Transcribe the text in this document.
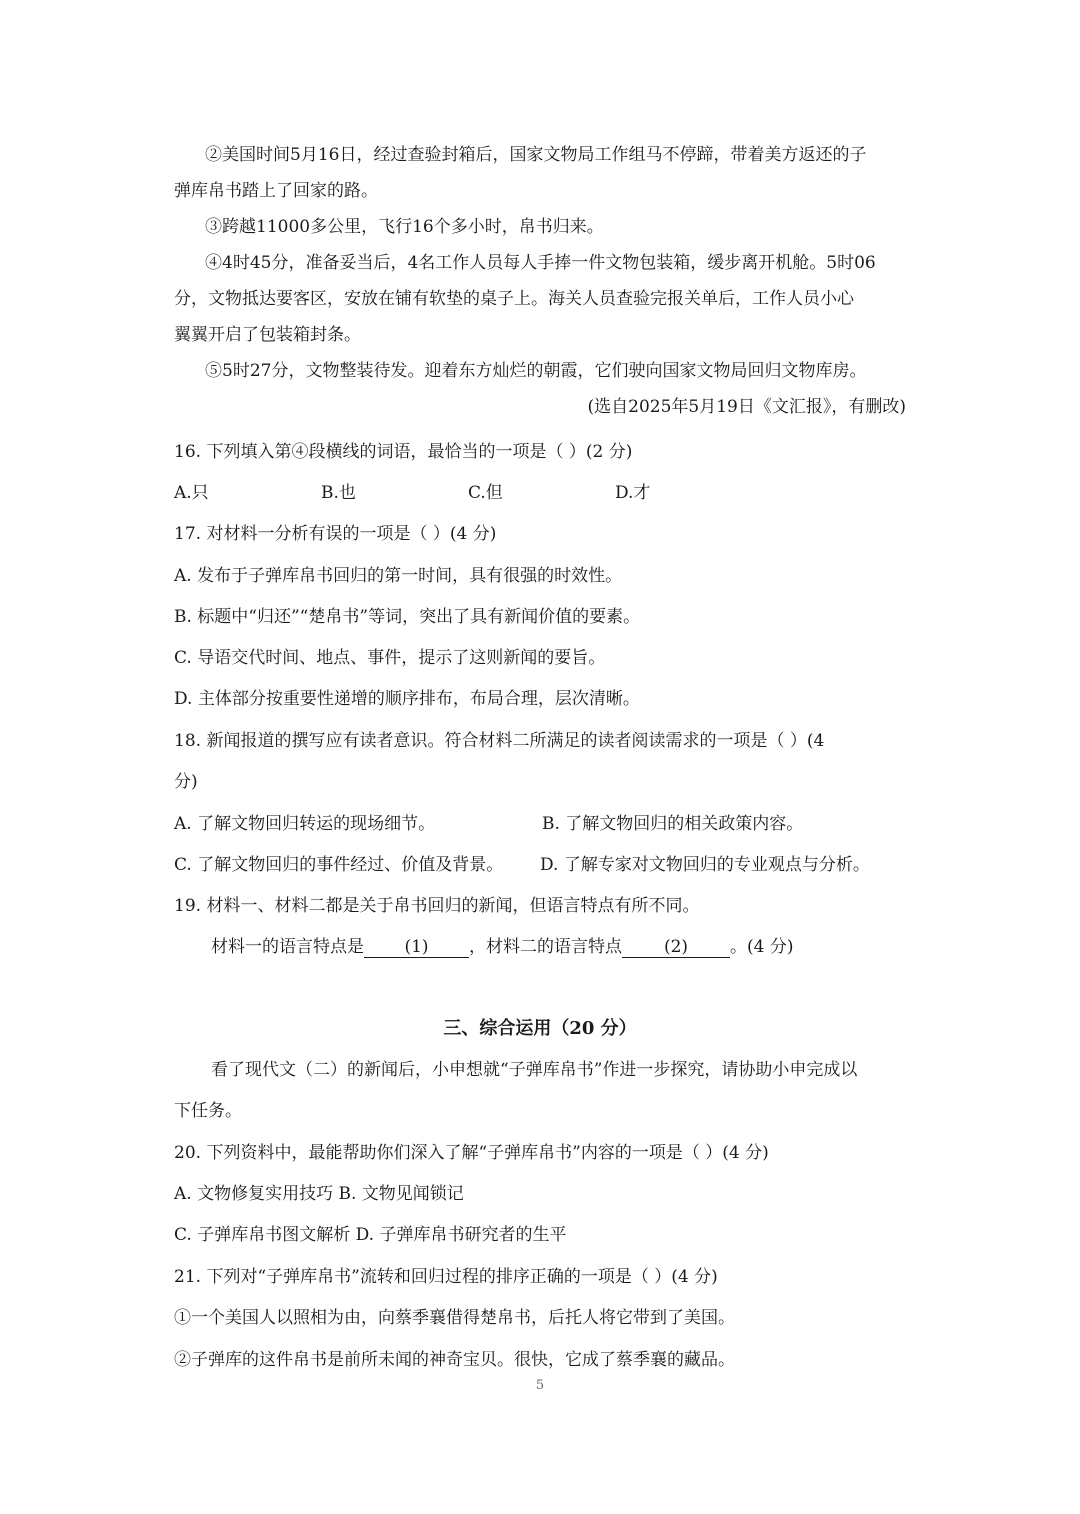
②美国时间5月16日，经过查验封箱后，国家文物局工作组马不停蹄，带着美方返还的子
弹库帛书踏上了回家的路。
③跨越11000多公里，飞行16个多小时，帛书归来。
④4时45分，准备妥当后，4名工作人员每人手捧一件文物包装箱，缓步离开机舱。5时06
分，文物抵达要客区，安放在铺有软垫的桌子上。海关人员查验完报关单后，工作人员小心
翼翼开启了包装箱封条。
⑤5时27分，文物整装待发。迎着东方灿烂的朝霞，它们驶向国家文物局回归文物库房。
(选自2025年5月19日《文汇报》，有删改)
16. 下列填入第④段横线的词语，最恰当的一项是（ ）(2 分)
A.只	B.也	C.但	D.才
17. 对材料一分析有误的一项是（ ）(4 分)
A. 发布于子弹库帛书回归的第一时间，具有很强的时效性。
B. 标题中“归还”“楚帛书”等词，突出了具有新闻价值的要素。
C. 导语交代时间、地点、事件，提示了这则新闻的要旨。
D. 主体部分按重要性递增的顺序排布，布局合理，层次清晰。
18. 新闻报道的撰写应有读者意识。符合材料二所满足的读者阅读需求的一项是（ ）(4
分)
A. 了解文物回归转运的现场细节。	B. 了解文物回归的相关政策内容。
C. 了解文物回归的事件经过、价值及背景。 D. 了解专家对文物回归的专业观点与分析。
19. 材料一、材料二都是关于帛书回归的新闻，但语言特点有所不同。
材料一的语言特点是 (1) ，材料二的语言特点 (2) 。(4 分)
三、综合运用（20 分）
看了现代文（二）的新闻后，小申想就“子弹库帛书”作进一步探究，请协助小申完成以
下任务。
20. 下列资料中，最能帮助你们深入了解“子弹库帛书”内容的一项是（ ）(4 分)
A. 文物修复实用技巧 B. 文物见闻锁记
C. 子弹库帛书图文解析 D. 子弹库帛书研究者的生平
21. 下列对“子弹库帛书”流转和回归过程的排序正确的一项是（ ）(4 分)
①一个美国人以照相为由，向蔡季襄借得楚帛书，后托人将它带到了美国。
②子弹库的这件帛书是前所未闻的神奇宝贝。很快，它成了蔡季襄的藏品。
5
